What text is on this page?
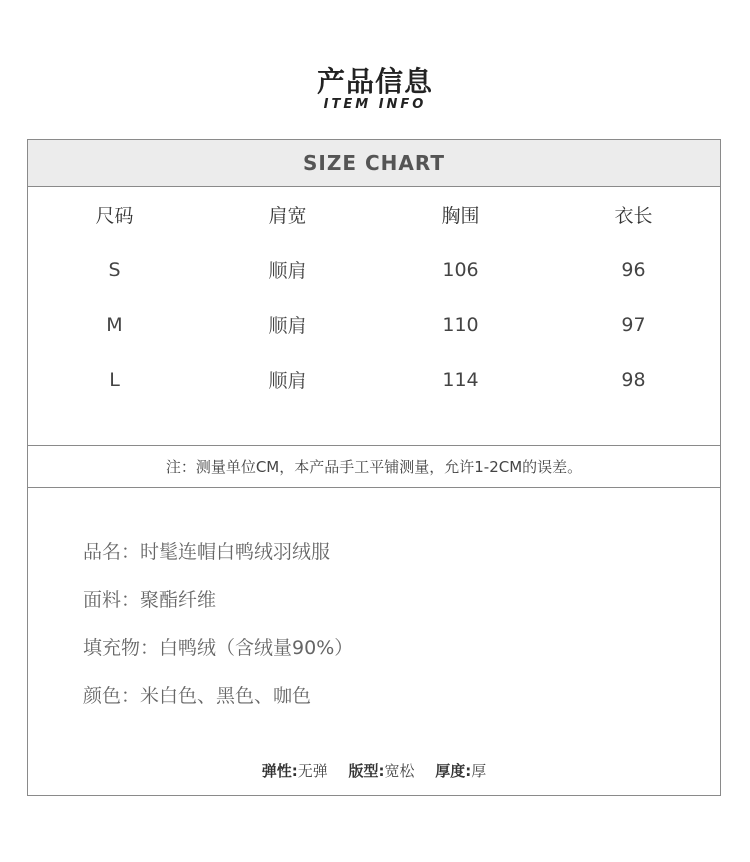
产品信息
ITEM INFO
SIZE CHART
尺码	肩宽	胸围	衣长
S	顺肩	106	96
M	顺肩	110	97
L	顺肩	114	98
注：测量单位CM，本产品手工平铺测量，允许1-2CM的误差。
品名：时髦连帽白鸭绒羽绒服
面料：聚酯纤维
填充物：白鸭绒（含绒量90%）
颜色：米白色、黑色、咖色
弹性:无弹 版型:宽松 厚度:厚
